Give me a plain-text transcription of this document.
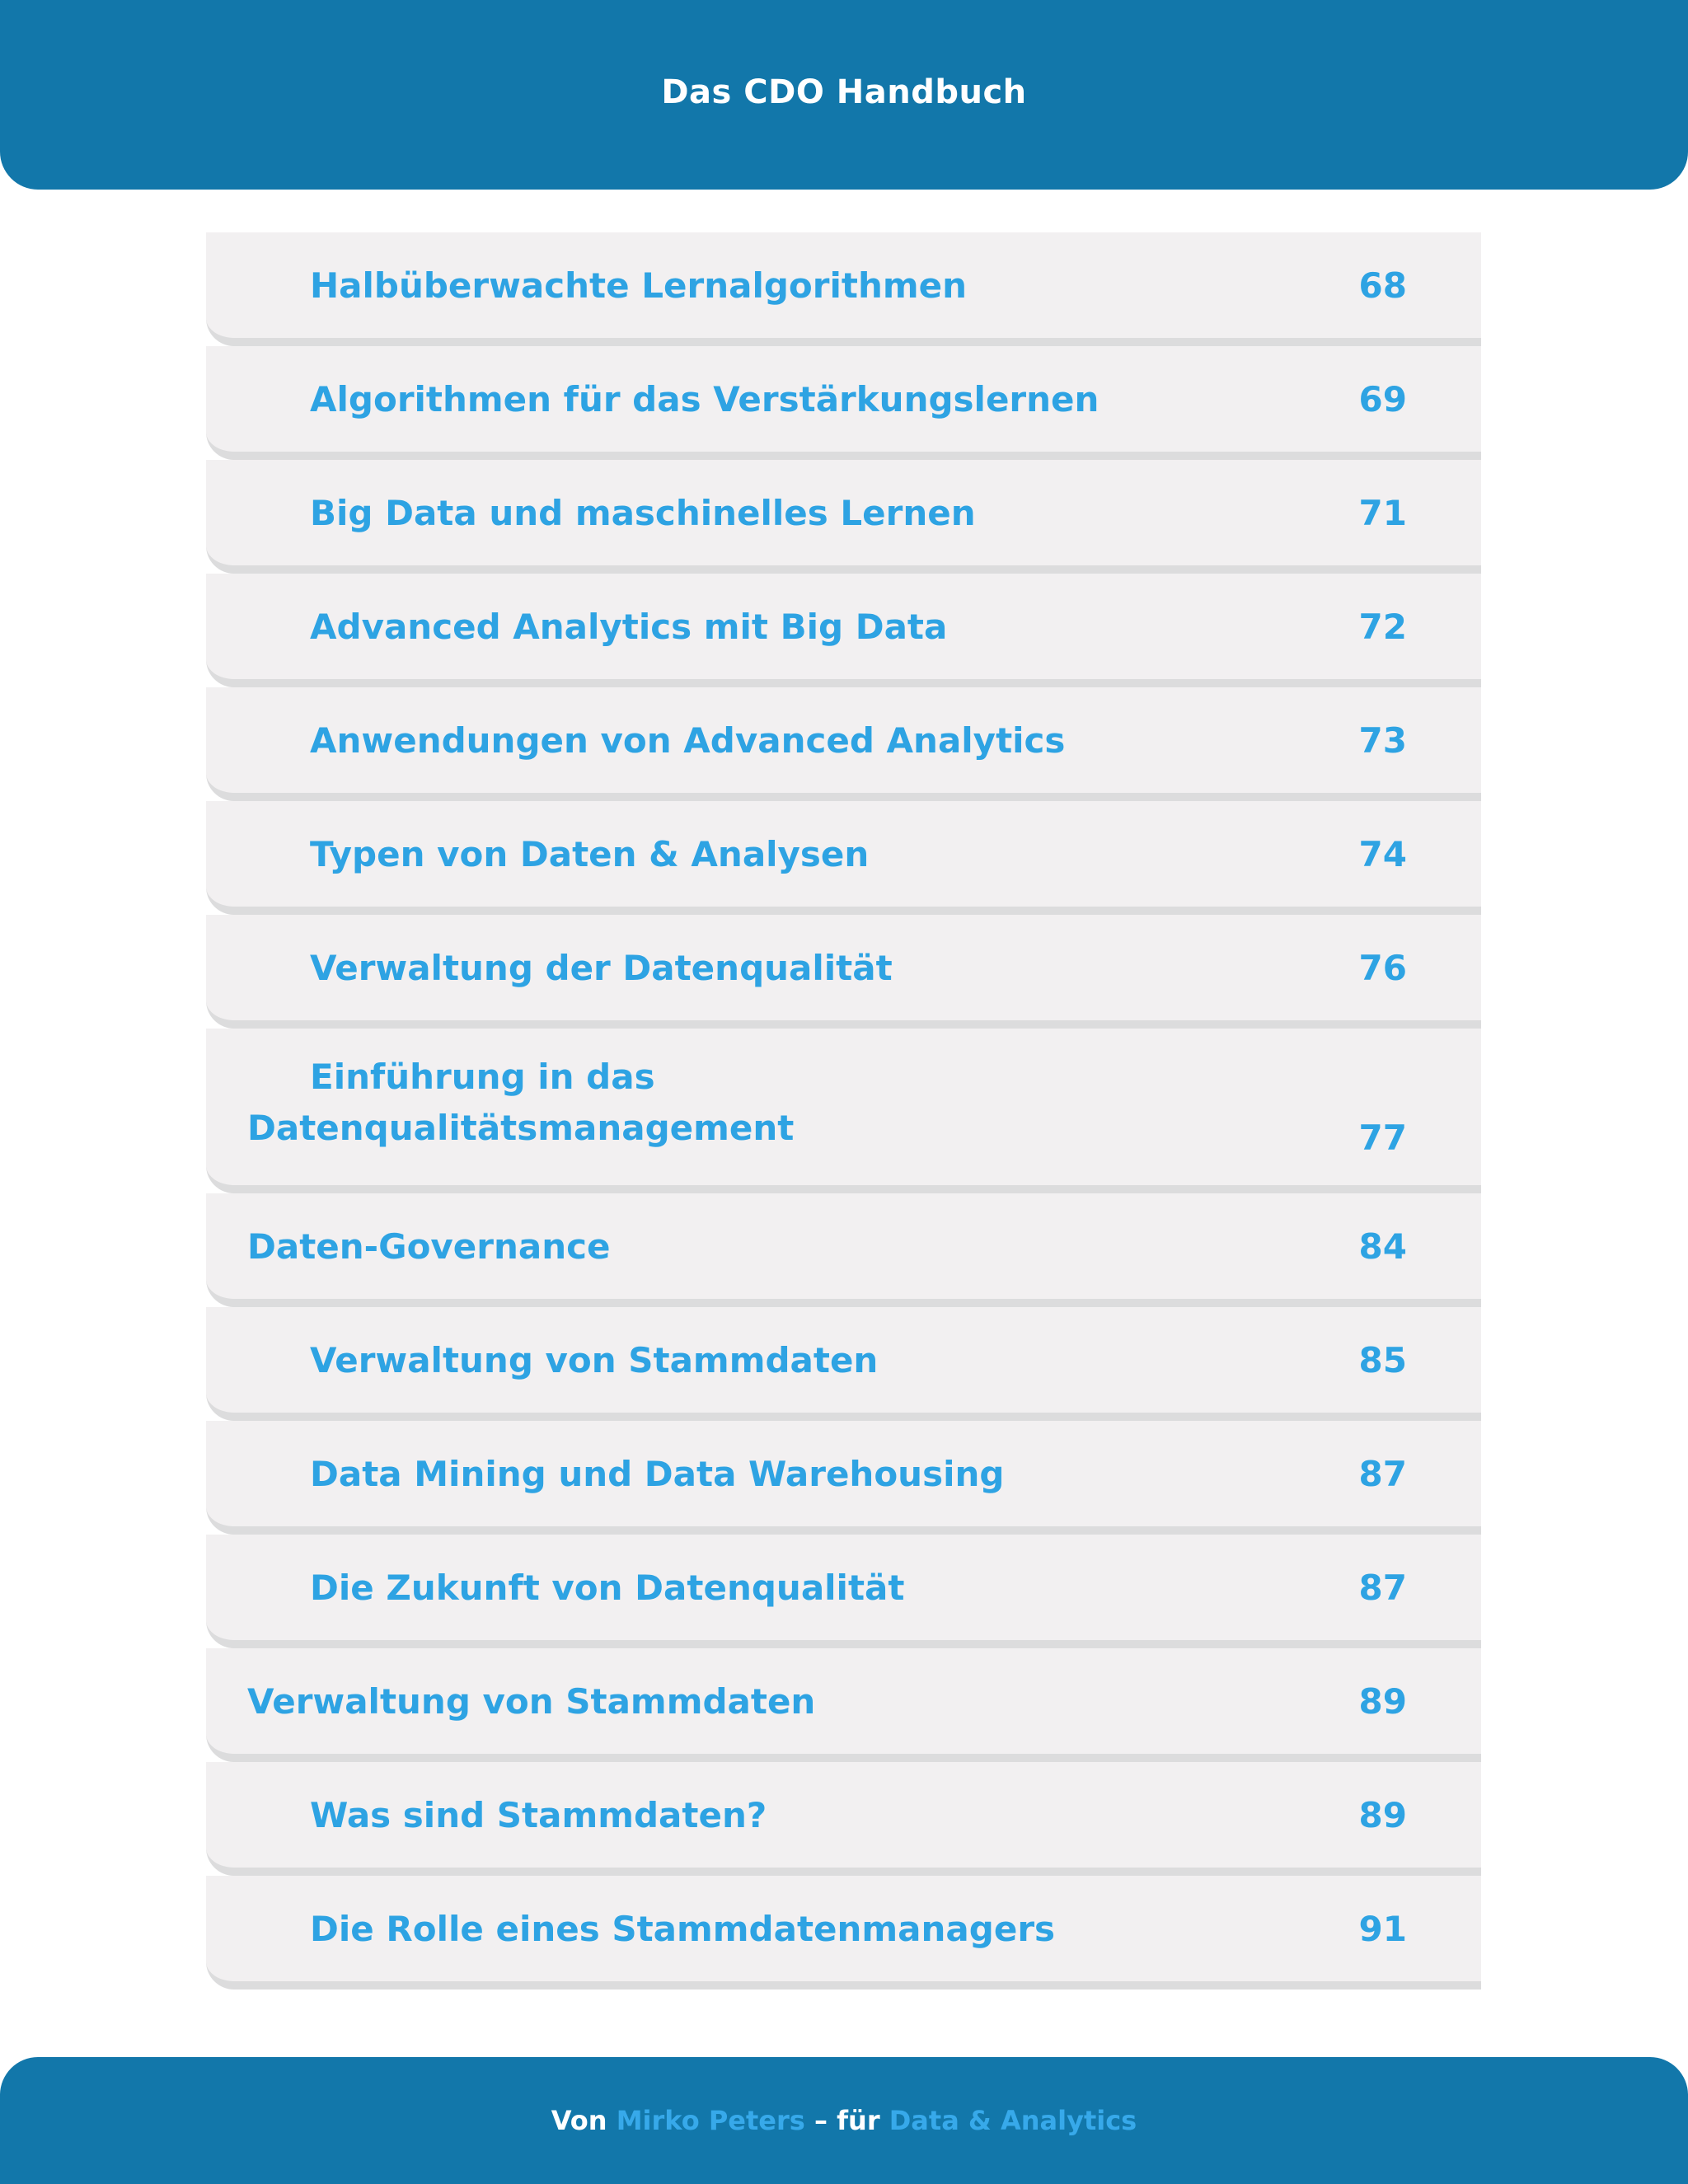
Das CDO Handbuch
Halbüberwachte Lernalgorithmen	68
Algorithmen für das Verstärkungslernen	69
Big Data und maschinelles Lernen	71
Advanced Analytics mit Big Data	72
Anwendungen von Advanced Analytics	73
Typen von Daten & Analysen	74
Verwaltung der Datenqualität	76
Einführung in das
Datenqualitätsmanagement	77
Daten-Governance	84
Verwaltung von Stammdaten	85
Data Mining und Data Warehousing	87
Die Zukunft von Datenqualität	87
Verwaltung von Stammdaten	89
Was sind Stammdaten?	89
Die Rolle eines Stammdatenmanagers	91
Von Mirko Peters – für Data & Analytics
